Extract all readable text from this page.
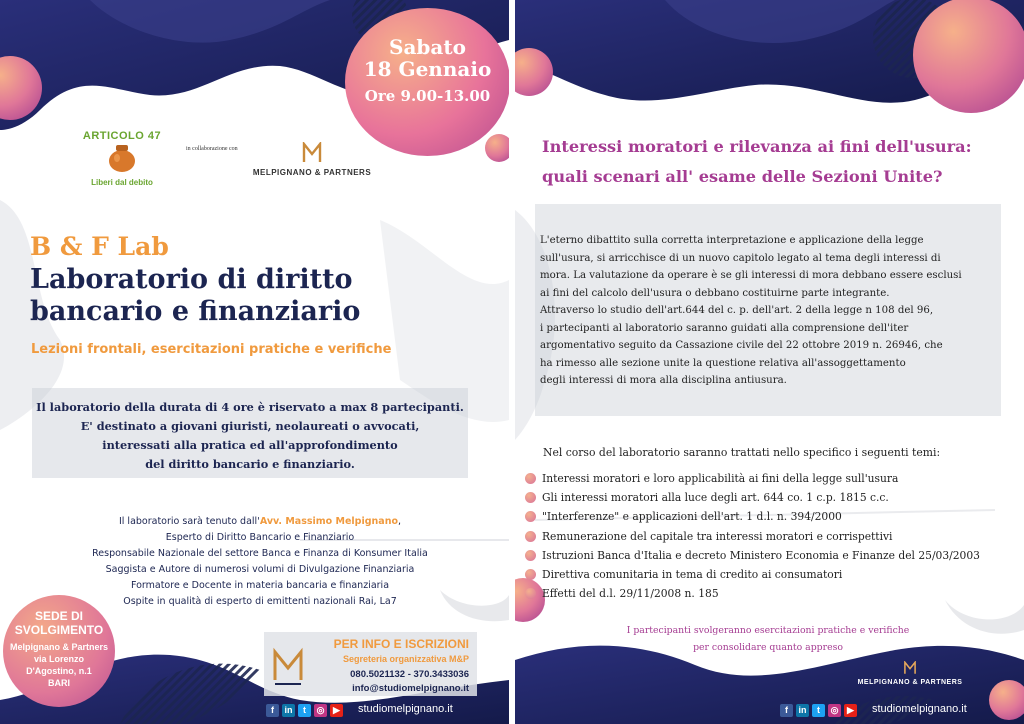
Sabato
18 Gennaio
Ore 9.00-13.00
ARTICOLO 47
Liberi dal debito
in collaborazione con
MELPIGNANO & PARTNERS
B & F Lab
Laboratorio di diritto
bancario e finanziario
Lezioni frontali, esercitazioni pratiche e verifiche
Il laboratorio della durata di 4 ore è riservato a max 8 partecipanti.
E' destinato a giovani giuristi, neolaureati o avvocati,
interessati alla pratica ed all'approfondimento
del diritto bancario e finanziario.
Il laboratorio sarà tenuto dall'Avv. Massimo Melpignano,
Esperto di Diritto Bancario e Finanziario
Responsabile Nazionale del settore Banca e Finanza di Konsumer Italia
Saggista e Autore di numerosi volumi di Divulgazione Finanziaria
Formatore e Docente in materia bancaria e finanziaria
Ospite in qualità di esperto di emittenti nazionali Rai, La7
SEDE DI
SVOLGIMENTO
Melpignano & Partners
via Lorenzo
D'Agostino, n.1
BARI
PER INFO E ISCRIZIONI
Segreteria organizzativa M&P
080.5021132 - 370.3433036
info@studiomelpignano.it
f	in	t	◎ ▶ studiomelpignano.it
Interessi moratori e rilevanza ai fini dell'usura:
quali scenari all' esame delle Sezioni Unite?
L'eterno dibattito sulla corretta interpretazione e applicazione della legge
sull'usura, si arricchisce di un nuovo capitolo legato al tema degli interessi di
mora. La valutazione da operare è se gli interessi di mora debbano essere esclusi
ai fini del calcolo dell'usura o debbano costituirne parte integrante.
Attraverso lo studio dell'art.644 del c. p. dell'art. 2 della legge n 108 del 96,
i partecipanti al laboratorio saranno guidati alla comprensione dell'iter
argomentativo seguito da Cassazione civile del 22 ottobre 2019 n. 26946, che
ha rimesso alle sezione unite la questione relativa all'assoggettamento
degli interessi di mora alla disciplina antiusura.
Nel corso del laboratorio saranno trattati nello specifico i seguenti temi:
Interessi moratori e loro applicabilità ai fini della legge sull'usura
Gli interessi moratori alla luce degli art. 644 co. 1 c.p. 1815 c.c.
"Interferenze" e applicazioni dell'art. 1 d.l. n. 394/2000
Remunerazione del capitale tra interessi moratori e corrispettivi
Istruzioni Banca d'Italia e decreto Ministero Economia e Finanze del 25/03/2003
Direttiva comunitaria in tema di credito ai consumatori
Effetti del d.l. 29/11/2008 n. 185
I partecipanti svolgeranno esercitazioni pratiche e verifiche
per consolidare quanto appreso
MELPIGNANO & PARTNERS
f	in	t	◎ ▶ studiomelpignano.it
